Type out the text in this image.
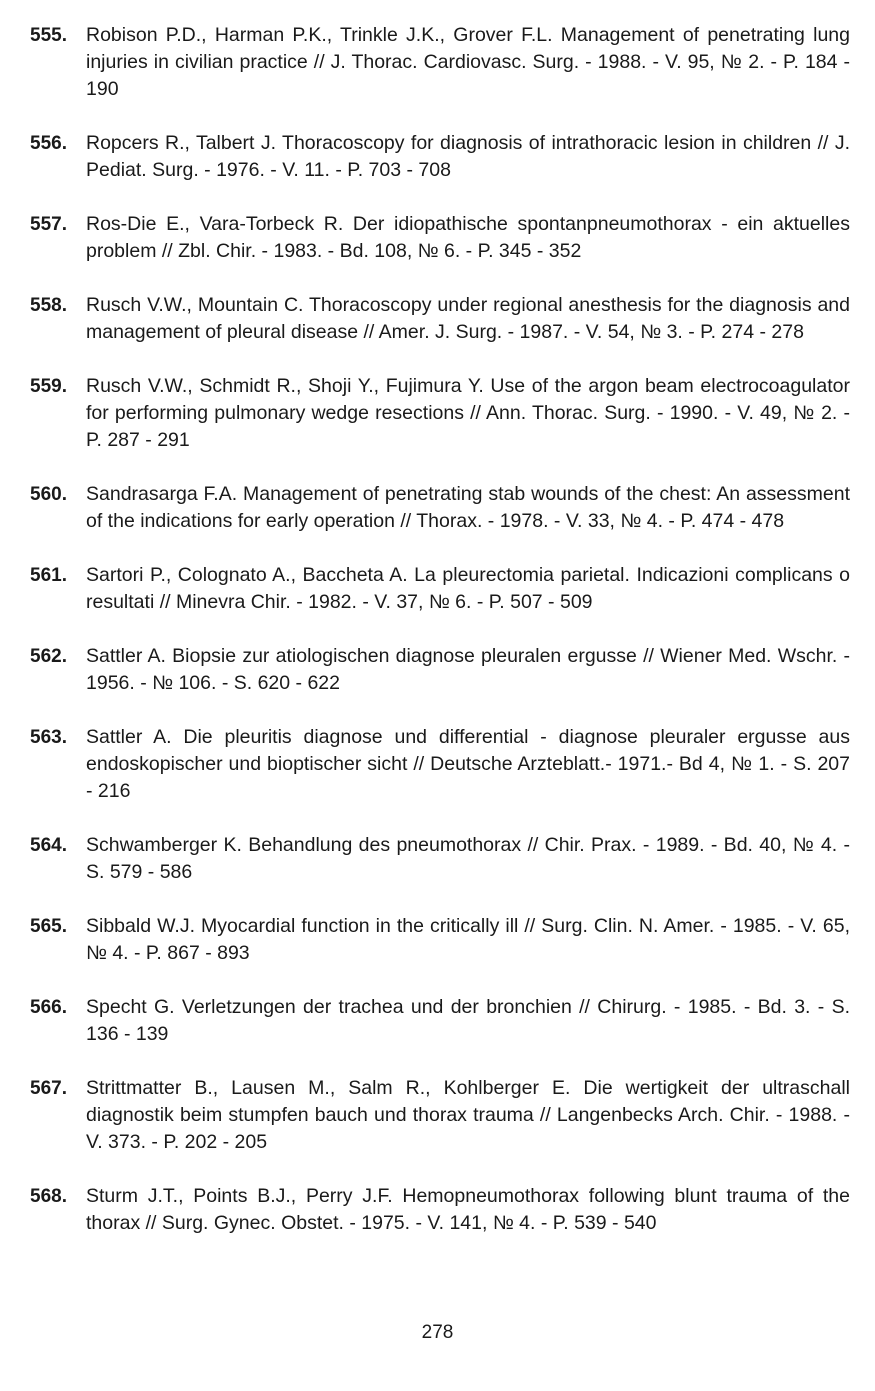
555. Robison P.D., Harman P.K., Trinkle J.K., Grover F.L. Management of penetrating lung injuries in civilian practice // J. Thorac. Cardiovasc. Surg. - 1988. - V. 95, № 2. - P. 184 - 190
556. Ropcers R., Talbert J. Thoracoscopy for diagnosis of intrathoracic lesion in children // J. Pediat. Surg. - 1976. - V. 11. - P. 703 - 708
557. Ros-Die E., Vara-Torbeck R. Der idiopathische spontanpneumothorax - ein aktuelles problem // Zbl. Chir. - 1983. - Bd. 108, № 6. - P. 345 - 352
558. Rusch V.W., Mountain C. Thoracoscopy under regional anesthesis for the diagnosis and management of pleural disease // Amer. J. Surg. - 1987. - V. 54, № 3. - P. 274 - 278
559. Rusch V.W., Schmidt R., Shoji Y., Fujimura Y. Use of the argon beam electrocoagulator for performing pulmonary wedge resections // Ann. Thorac. Surg. - 1990. - V. 49, № 2. - P. 287 - 291
560. Sandrasarga F.A. Management of penetrating stab wounds of the chest: An assessment of the indications for early operation // Thorax. - 1978. - V. 33, № 4. - P. 474 - 478
561. Sartori P., Colognato A., Baccheta A. La pleurectomia parietal. Indicazioni complicans o resultati // Minevra Chir. - 1982. - V. 37, № 6. - P. 507 - 509
562. Sattler A. Biopsie zur atiologischen diagnose pleuralen ergusse // Wiener Med. Wschr. - 1956. - № 106. - S. 620 - 622
563. Sattler A. Die pleuritis diagnose und differential - diagnose pleuraler ergusse aus endoskopischer und bioptischer sicht // Deutsche Arzteblatt.- 1971.- Bd 4, № 1. - S. 207 - 216
564. Schwamberger K. Behandlung des pneumothorax // Chir. Prax. - 1989. - Bd. 40, № 4. - S. 579 - 586
565. Sibbald W.J. Myocardial function in the critically ill // Surg. Clin. N. Amer. - 1985. - V. 65, № 4. - P. 867 - 893
566. Specht G. Verletzungen der trachea und der bronchien // Chirurg. - 1985. - Bd. 3. - S. 136 - 139
567. Strittmatter B., Lausen M., Salm R., Kohlberger E. Die wertigkeit der ultraschall diagnostik beim stumpfen bauch und thorax trauma // Langenbecks Arch. Chir. - 1988. - V. 373. - P. 202 - 205
568. Sturm J.T., Points B.J., Perry J.F. Hemopneumothorax following blunt trauma of the thorax // Surg. Gynec. Obstet. - 1975. - V. 141, № 4. - P. 539 - 540
278
